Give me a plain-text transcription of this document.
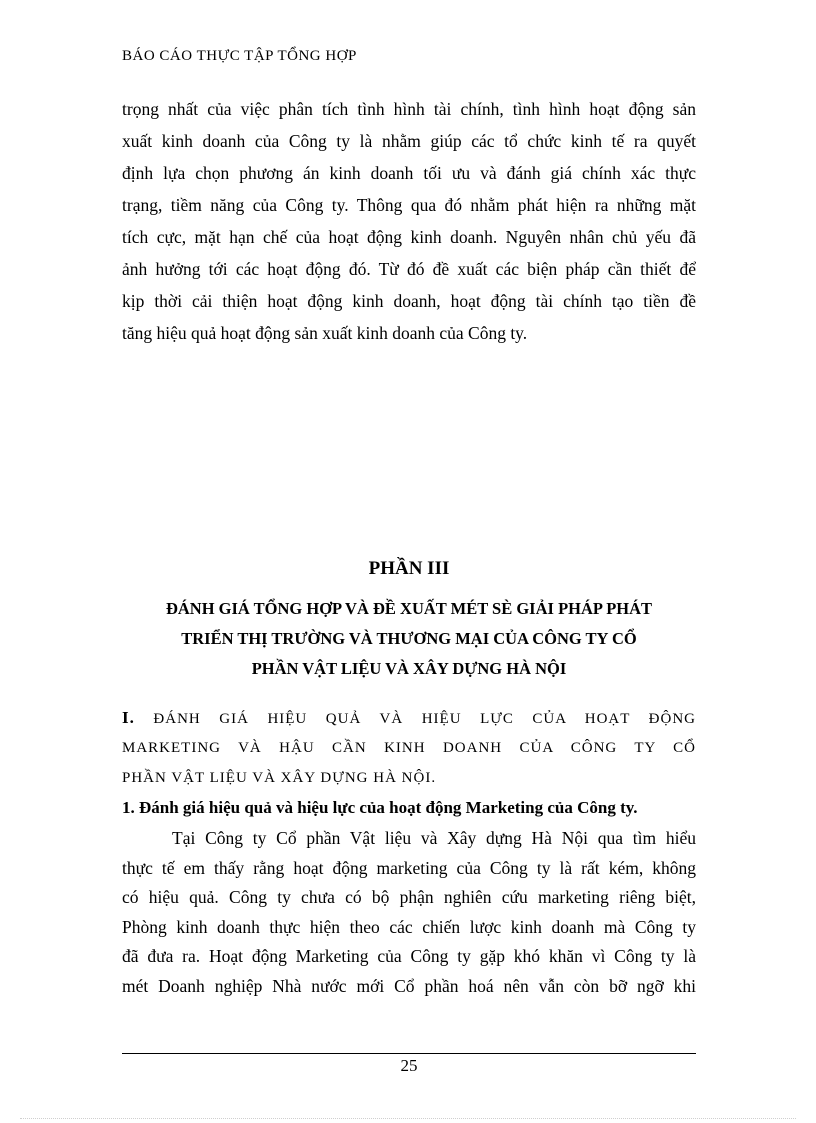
BÁO CÁO THỰC TẬP TỔNG HỢP
trọng nhất của việc phân tích tình hình tài chính, tình hình hoạt động sản
xuất kinh doanh của Công ty là nhằm giúp các tổ chức kinh tế ra quyết
định lựa chọn phương án kinh doanh tối ưu và đánh giá chính xác thực
trạng, tiềm năng của Công ty. Thông qua đó nhằm phát hiện ra những mặt
tích cực, mặt hạn chế của hoạt động kinh doanh. Nguyên nhân chủ yếu đã
ảnh hưởng tới các hoạt động đó. Từ đó đề xuất các biện pháp cần thiết để
kịp thời cải thiện hoạt động kinh doanh, hoạt động tài chính tạo tiền đề
tăng hiệu quả hoạt động sản xuất kinh doanh của Công ty.
PHẦN III
ĐÁNH GIÁ TỔNG HỢP VÀ ĐỀ XUẤT MÉT SÈ GIẢI PHÁP PHÁT
TRIỂN THỊ TRƯỜNG VÀ THƯƠNG MẠI CỦA CÔNG TY CỔ
PHẦN VẬT LIỆU VÀ XÂY DỰNG HÀ NỘI
I. ĐÁNH GIÁ HIỆU QUẢ VÀ HIỆU LỰC CỦA HOẠT ĐỘNG
MARKETING VÀ HẬU CẦN KINH DOANH CỦA CÔNG TY CỔ
PHẦN VẬT LIỆU VÀ XÂY DỰNG HÀ NỘI.
1. Đánh giá hiệu quả và hiệu lực của hoạt động Marketing của Công ty.
Tại Công ty Cổ phần Vật liệu và Xây dựng Hà Nội qua tìm hiểu
thực tế em thấy rằng hoạt động marketing của Công ty là rất kém, không
có hiệu quả. Công ty chưa có bộ phận nghiên cứu marketing riêng biệt,
Phòng kinh doanh thực hiện theo các chiến lược kinh doanh mà Công ty
đã đưa ra. Hoạt động Marketing của Công ty gặp khó khăn vì Công ty là
mét Doanh nghiệp Nhà nước mới Cổ phần hoá nên vẫn còn bỡ ngỡ khi
25
